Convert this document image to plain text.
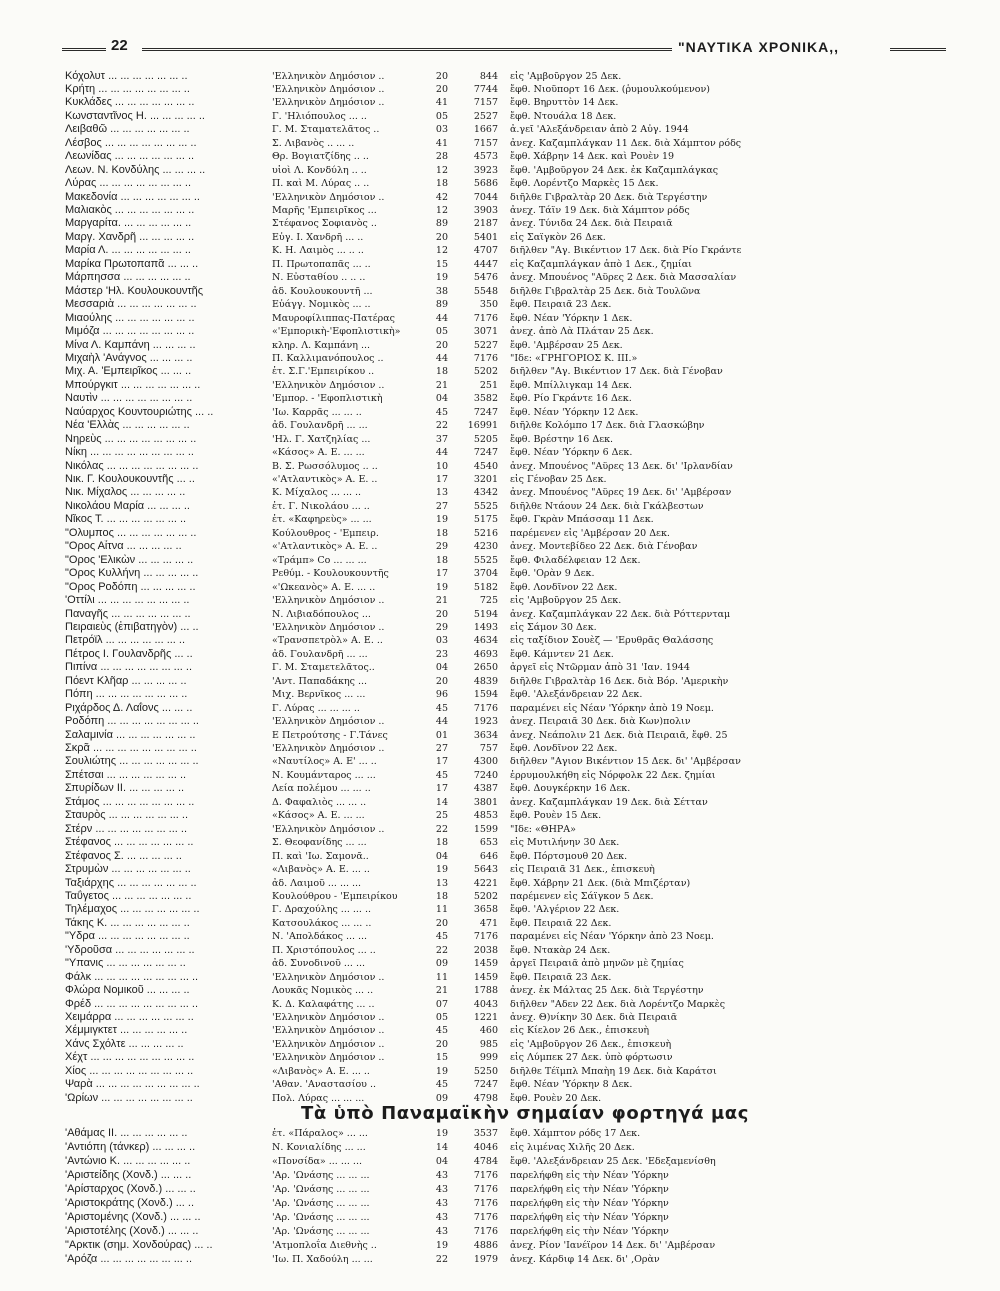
22	"ΝΑΥΤΙΚΑ ΧΡΟΝΙΚΑ,,
Κόχολυτ ... ... ... ... ... ... ..	'Ελληνικὸν Δημόσιον ..	20	844 εἰς 'Αμβοῦργον 25 Δεκ.
Κρήτη ... ... ... ... ... ... ... ..	'Ελληνικὸν Δημόσιον ..	20	7744 ἔφθ. Νιοῦπορτ 16 Δεκ. (ῥυμουλκούμενον)
Κυκλάδες ... ... ... ... ... ... ..	'Ελληνικὸν Δημόσιον ..	41	7157 ἔφθ. Βηρυττὸν 14 Δεκ.
Κωνσταντῖνος Η. ... ... ... ... ..	Γ. 'Ηλιόπουλος ... ..	05	2527 ἔφθ. Ντουάλα 18 Δεκ.
Λειβαθῶ ... ... ... ... ... ... ..	Γ. Μ. Σταματελᾶτος ..	03	1667 ἀ.γεῖ 'Αλεξάνδρειαν ἀπὸ 2 Αὐγ. 1944
Λέσβος ... ... ... ... ... ... ... ..	Σ. Λιβανὸς .. ... ..	41	7157 ἀνεχ. Καζαμπλάγκαν 11 Δεκ. διὰ Χάμπτον ρόδς
Λεωνίδας ... ... ... ... ... ... ..	Θρ. Βογιατζίδης .. ..	28	4573 ἔφθ. Χάβρην 14 Δεκ. καὶ Ρουὲν 19
Λεων. Ν. Κονδύλης ... ... ... ..	υἱοὶ Λ. Κονδύλη .. ..	12	3923 ἔφθ. 'Αμβοῦργον 24 Δεκ. ἐκ Καζαμπλάγκας
Λύρας ... ... ... ... ... ... ... ..	Π. καὶ Μ. Λύρας .. ..	18	5686 ἔφθ. Λορέντζο Μαρκὲς 15 Δεκ.
Μακεδονία ... ... ... ... ... ... ..	'Ελληνικὸν Δημόσιον ..	42	7044 διῆλθε Γιβραλτὰρ 20 Δεκ. διὰ Τεργέστην
Μαλιακὸς ... ... ... ... ... ... ..	Μαρῆς 'Εμπειρῖκος ...	12	3903 ἀνεχ. Τάϊν 19 Δεκ. διὰ Χάμπτον ρόδς
Μαργαρίτα. ... ... ... ... ... ..	Στέφανος Σοφιανὸς ..	89	2187 ἀνεχ. Τύνιδα 24 Δεκ. διὰ Πειραιᾶ
Μαργ. Χανδρῆ ... ... ... ... ..	Εὐγ. Ι. Χανδρῆ ... ..	20	5401 εἰς Σαϊγκὸν 26 Δεκ.
Μαρία Λ. ... ... ... ... ... ... ..	Κ. Η. Λαιμὸς ... .. ..	12	4707 διῆλθεν "Αγ. Βικέντιον 17 Δεκ. διὰ Ρίο Γκράντε
Μαρίκα Πρωτοπαπᾶ ... ... ..	Π. Πρωτοπαπᾶς ... ..	15	4447 εἰς Καζαμπλάγκαν ἀπὸ 1 Δεκ., ζημίαι
Μάρπησσα ... ... ... ... ... ..	Ν. Εὐσταθίου .. .. ..	19	5476 ἀνεχ. Μπουένος "Αϋρες 2 Δεκ. διὰ Μασσαλίαν
Μάστερ 'Ηλ. Κουλουκουντῆς	ἀδ. Κουλουκουντῆ ...	38	5548 διῆλθε Γιβραλτὰρ 25 Δεκ. διὰ Τουλῶνα
Μεσσαριὰ ... ... ... ... ... ... ..	Εὐάγγ. Νομικὸς ... ..	89	350 ἔφθ. Πειραιᾶ 23 Δεκ.
Μιαούλης ... ... ... ... ... ... ..	Μαυροφίλιππας-Πατέρας	44	7176 ἔφθ. Νέαν 'Υόρκην 1 Δεκ.
Μιμόζα ... ... ... ... ... ... ... ..	«'Εμπορικὴ-'Εφοπλιστικὴ»	05	3071 ἀνεχ. ἀπὸ Λὰ Πλάταν 25 Δεκ.
Μίνα Λ. Καμπάνη ... ... ... ..	κληρ. Λ. Καμπάνη ...	20	5227 ἔφθ. 'Αμβέρσαν 25 Δεκ.
Μιχαὴλ 'Ανάγνος ... ... ... ..	Π. Καλλιμανόπουλος ..	44	7176 "Ιδε: «ΓΡΗΓΟΡΙΟΣ Κ. ΙΙΙ.»
Μιχ. Α. 'Εμπειρῖκος ... ... ..	ἐτ. Σ.Γ.'Εμπειρίκου ..	18	5202 διῆλθεν "Αγ. Βικέντιον 17 Δεκ. διὰ Γένοβαν
Μπούργκιτ ... ... ... ... ... ... ..	'Ελληνικὸν Δημόσιον ..	21	251 ἔφθ. Μπίλλιγκαμ 14 Δεκ.
Ναυτὶν ... ... ... ... ... ... ... ..	'Εμπορ. - 'Εφοπλιστικὴ	04	3582 ἔφθ. Ρίο Γκράντε 16 Δεκ.
Ναύαρχος Κουντουριώτης ... ..	'Ιω. Καρρᾶς ... ... ..	45	7247 ἔφθ. Νέαν 'Υόρκην 12 Δεκ.
Νέα 'Ελλὰς ... ... ... ... ... ..	ἀδ. Γουλανδρῆ ... ...	22	16991 διῆλθε Κολόμπο 17 Δεκ. διὰ Γλασκώβην
Νηρεὺς ... ... ... ... ... ... ... ..	'Ηλ. Γ. Χατζηλίας ...	37	5205 ἔφθ. Βρέστην 16 Δεκ.
Νίκη ... ... ... ... ... ... ... ... ..	«Κάσος» Α. Ε. ... ...	44	7247 ἔφθ. Νέαν 'Υόρκην 6 Δεκ.
Νικόλας ... ... ... ... ... ... ... ..	Β. Σ. Ρωσσόλυμος .. ..	10	4540 ἀνεχ. Μπουένος "Αϋρες 13 Δεκ. δι' 'Ιρλανδίαν
Νικ. Γ. Κουλουκουντῆς ... ..	«'Ατλαντικὸς» Α. Ε. ..	17	3201 εἰς Γένοβαν 25 Δεκ.
Νικ. Μίχαλος ... ... ... ... ..	Κ. Μίχαλος ... ... ..	13	4342 ἀνεχ. Μπουένος "Αϋρες 19 Δεκ. δι' 'Αμβέρσαν
Νικολάου Μαρία ... ... ... ..	ἐτ. Γ. Νικολάου ... ..	27	5525 διῆλθε Ντάουν 24 Δεκ. διὰ Γκάλβεστων
Νῖκος Τ. ... ... ... ... ... ... ..	ἐτ. «Καφηρεὺς» ... ...	19	5175 ἔφθ. Γκρὰν Μπάσσαμ 11 Δεκ.
"Ολυμπος ... ... ... ... ... ... ..	Κούλουθρος - 'Εμπειρ.	18	5216 παρέμενεν εἰς 'Αμβέρσαν 20 Δεκ.
"Ορος Αἶτνα ... ... ... ... ..	«'Ατλαντικὸς» Α. Ε. ..	29	4230 ἀνεχ. Μοντεβίδεο 22 Δεκ. διὰ Γένοβαν
"Ορος 'Ελικὼν ... ... ... ... ..	«Τράμπ» Co ... ... ...	18	5525 ἔφθ. Φιλαδέλφειαν 12 Δεκ.
"Ορος Κυλλήνη ... ... ... ... ..	Ρεθύμ. - Κουλουκουντῆς	17	3704 ἔφθ. 'Ορὰν 9 Δεκ.
"Ορος Ροδόπη ... ... ... ... ..	«'Ωκεανὸς» Α. Ε. ... ..	19	5182 ἔφθ. Λονδῖνον 22 Δεκ.
'Οττίλι ... ... ... ... ... ... ... ..	'Ελληνικὸν Δημόσιον ..	21	725 εἰς 'Αμβοῦργον 25 Δεκ.
Παναγῆς ... ... ... ... ... ... ..	Ν. Λιβιαδόπουλος ...	20	5194 ἀνεχ. Καζαμπλάγκαν 22 Δεκ. διὰ Ρόττερνταμ
Πειραιεὺς (ἐπιβατηγὸν) ... ..	'Ελληνικὸν Δημόσιον ..	29	1493 εἰς Σάμον 30 Δεκ.
Πετρόϊλ ... ... ... ... ... ... ..	«Τρανσπετρὸλ» Α. Ε. ..	03	4634 εἰς ταξίδιον Σουὲζ — 'Ερυθρᾶς Θαλάσσης
Πέτρος Ι. Γουλανδρῆς ... ..	ἀδ. Γουλανδρῆ ... ...	23	4693 ἔφθ. Κάμντεν 21 Δεκ.
Πιπίνα ... ... ... ... ... ... ... ..	Γ. Μ. Σταμετελᾶτος..	04	2650 ἀργεῖ εἰς Ντῶρμαν ἀπὸ 31 'Ιαν. 1944
Πόεντ Κλῆαρ ... ... ... ... ..	'Αντ. Παπαδάκης ...	20	4839 διῆλθε Γιβραλτὰρ 16 Δεκ. διὰ Βόρ. 'Αμερικὴν
Πόπη ... ... ... ... ... ... ... ..	Μιχ. Βερνῖκος ... ...	96	1594 ἔφθ. 'Αλεξάνδρειαν 22 Δεκ.
Ριχάρδος Δ. Λαΐονς ... ... ..	Γ. Λύρας ... ... ... ..	45	7176 παραμένει εἰς Νέαν 'Υόρκην ἀπὸ 19 Νοεμ.
Ροδόπη ... ... ... ... ... ... ... ..	'Ελληνικὸν Δημόσιον ..	44	1923 ἀνεχ. Πειραιᾶ 30 Δεκ. διὰ Κων)πολιν
Σαλαμινία ... ... ... ... ... ... ..	Ε Πετρούτσης - Γ.Τάνες	01	3634 ἀνεχ. Νεάπολιν 21 Δεκ. διὰ Πειραιᾶ, ἔφθ. 25
Σκρᾶ ... ... ... ... ... ... ... ... ..	'Ελληνικὸν Δημόσιον ..	27	757 ἔφθ. Λονδῖνον 22 Δεκ.
Σουλιώτης ... ... ... ... ... ... ..	«Ναυτίλος» Α. Ε' ... ..	17	4300 διῆλθεν "Αγιον Βικέντιον 15 Δεκ. δι' 'Αμβέρσαν
Σπέτσαι ... ... ... ... ... ... ..	Ν. Κουμάνταρος ... ...	45	7240 ἐρρυμουλκήθη εἰς Νόρφολκ 22 Δεκ. ζημίαι
Σπυρίδων ΙΙ. ... ... ... ... ..	Λεία πολέμου ... ... ..	17	4387 ἔφθ. Δουγκέρκην 16 Δεκ.
Στάμος ... ... ... ... ... ... ... ..	Δ. Φαφαλιὸς ... ... ..	14	3801 ἀνεχ. Καζαμπλάγκαν 19 Δεκ. διὰ Σέτταν
Σταυρὸς ... ... ... ... ... ... ..	«Κάσος» Α. Ε. ... ...	25	4853 ἔφθ. Ρουὲν 15 Δεκ.
Στέρν ... ... ... ... ... ... ... ..	'Ελληνικὸν Δημόσιον ..	22	1599 "Ιδε: «ΘΗΡΑ»
Στέφανος ... ... ... ... ... ... ..	Σ. Θεοφανίδης ... ...	18	653 εἰς Μυτιλήνην 30 Δεκ.
Στέφανος Σ. ... ... ... ... ..	Π. καὶ 'Ιω. Σαμονᾶ..	04	646 ἔφθ. Πόρτσμουθ 20 Δεκ.
Στρυμὼν ... ... ... ... ... ... ..	«Λιβανὸς» Α. Ε. ... ..	19	5643 εἰς Πειραιᾶ 31 Δεκ., ἐπισκευὴ
Ταξιάρχης ... ... ... ... ... ... ..	ἀδ. Λαιμοῦ ... ... ...	13	4221 ἔφθ. Χάβρην 21 Δεκ. (διὰ Μπιζέρταν)
Ταΰγετος ... ... ... ... ... ... ..	Κουλούθρου - 'Εμπειρίκου	18	5202 παρέμενεν εἰς Σάϊγκον 5 Δεκ.
Τηλέμαχος ... ... ... ... ... ... ..	Γ. Δραχούλης ... ... ..	11	3658 ἔφθ. 'Αλγέριον 22 Δεκ.
Τάκης Κ. ... ... ... ... ... ... ..	Κατσουλάκος ... ... ..	20	471 ἔφθ. Πειραιᾶ 22 Δεκ.
"Υδρα ... ... ... ... ... ... ... ..	Ν. 'Απολδάκος ... ...	45	7176 παραμένει εἰς Νέαν 'Υόρκην ἀπὸ 23 Νοεμ.
'Υδροῦσα ... ... ... ... ... ... ..	Π. Χριστόπουλος ... ..	22	2038 ἔφθ. Ντακὰρ 24 Δεκ.
"Υπανις ... ... ... ... ... ... ..	ἀδ. Συνοδινοῦ ... ...	09	1459 ἀργεῖ Πειραιᾶ ἀπὸ μηνῶν μὲ ζημίας
Φάλκ ... ... ... ... ... ... ... ... ..	'Ελληνικὸν Δημόσιον ..	11	1459 ἔφθ. Πειραιᾶ 23 Δεκ.
Φλώρα Νομικοῦ ... ... ... ..	Λουκᾶς Νομικὸς ... ..	21	1788 ἀνεχ. ἐκ Μάλτας 25 Δεκ. διὰ Τεργέστην
Φρέδ ... ... ... ... ... ... ... ... ..	Κ. Δ. Καλαφάτης ... ..	07	4043 διῆλθεν "Αδεν 22 Δεκ. διὰ Λορέντζο Μαρκὲς
Χειμάρρα ... ... ... ... ... ... ..	'Ελληνικὸν Δημόσιον ..	05	1221 ἀνεχ. Θ)νίκην 30 Δεκ. διὰ Πειραιᾶ
Χέμμιγκτετ ... ... ... ... ... ..	'Ελληνικὸν Δημόσιον ..	45	460 εἰς Κίελον 26 Δεκ., ἐπισκευὴ
Χάνς Σχόλτε ... ... ... ... ..	'Ελληνικὸν Δημόσιον ..	20	985 εἰς 'Αμβοῦργον 26 Δεκ., ἐπισκευὴ
Χέχτ ... ... ... ... ... ... ... ... ..	'Ελληνικὸν Δημόσιον ..	15	999 εἰς Λύμπεκ 27 Δεκ. ὑπὸ φόρτωσιν
Χίος ... ... ... ... ... ... ... ... ..	«Λιβανὸς» Α. Ε. ... ..	19	5250 διῆλθε Τέϊμπλ Μπαὴη 19 Δεκ. διὰ Καράτσι
Ψαρὰ ... ... ... ... ... ... ... ... ..	'Αθαν. 'Αναστασίου ..	45	7247 ἔφθ. Νέαν 'Υόρκην 8 Δεκ.
'Ωρίων ... ... ... ... ... ... ... ..	Πολ. Λύρας ... ... ...	09	4798 ἔφθ. Ρουὲν 20 Δεκ.
Τὰ ὑπὸ Παναμαϊκὴν σημαίαν φορτηγά μας
'Αθάμας ΙΙ. ... ... ... ... ... ..	ἐτ. «Πάραλος» ... ...	19	3537 ἔφθ. Χάμπτον ρόδς 17 Δεκ.
'Αντιόπη (τάνκερ) ... ... ... ..	Ν. Κονιαλίδης ... ...	14	4046 εἰς λιμένας Χιλῆς 20 Δεκ.
'Αντώνιο Κ. ... ... ... ... ... ..	«Πονσίδα» ... ... ...	04	4784 ἔφθ. 'Αλεξάνδρειαν 25 Δεκ. 'Εδεξαμενίσθη
'Αριστείδης (Χονδ.) ... ... ..	'Αρ. 'Ωνάσης ... ... ...	43	7176 παρελήφθη εἰς τὴν Νέαν 'Υόρκην
'Αρίσταρχος (Χονδ.) ... ... ..	'Αρ. 'Ωνάσης ... ... ...	43	7176 παρελήφθη εἰς τὴν Νέαν 'Υόρκην
'Αριστοκράτης (Χονδ.) ... ..	'Αρ. 'Ωνάσης ... ... ...	43	7176 παρελήφθη εἰς τὴν Νέαν 'Υόρκην
'Αριστομένης (Χονδ.) ... ... ..	'Αρ. 'Ωνάσης ... ... ...	43	7176 παρελήφθη εἰς τὴν Νέαν 'Υόρκην
'Αριστοτέλης (Χονδ.) ... ... ..	'Αρ. 'Ωνάσης ... ... ...	43	7176 παρελήφθη εἰς τὴν Νέαν 'Υόρκην
"Αρκτικ (σημ. Χονδούρας) ... ..	'Ατμοπλοΐα Διεθνὴς ..	19	4886 ἀνεχ. Ρίον 'Ιανέϊρον 14 Δεκ. δι' 'Αμβέρσαν
'Αρόζα ... ... ... ... ... ... ... ..	'Ιω. Π. Χαδούλη ... ...	22	1979 ἀνεχ. Κάρδιφ 14 Δεκ. δι' ,Ορὰν
